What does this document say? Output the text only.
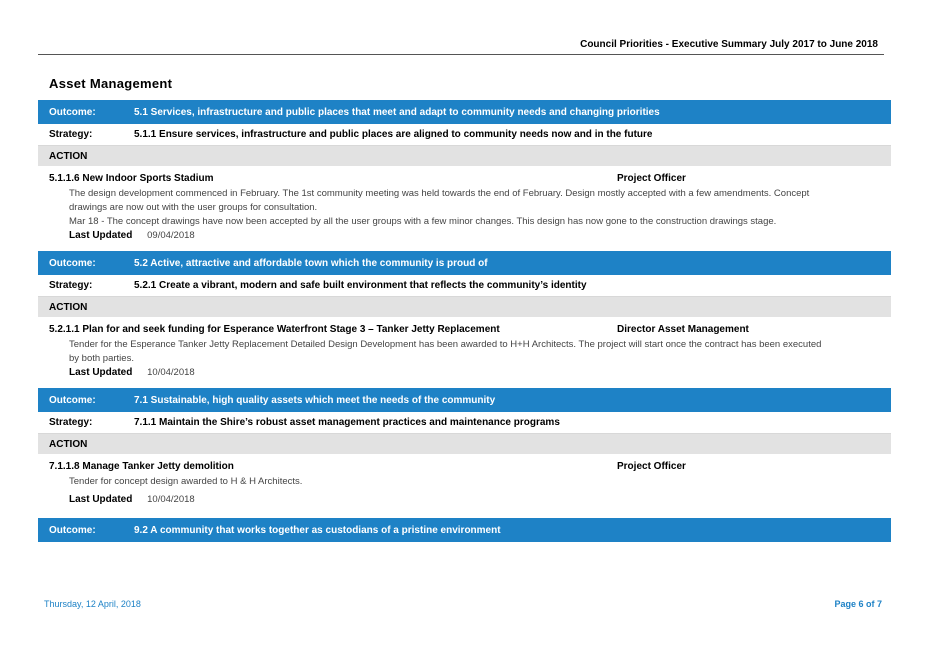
Council Priorities - Executive Summary July 2017 to June 2018
Asset Management
Outcome:	5.1 Services, infrastructure and public places that meet and adapt to community needs and changing priorities
Strategy:	5.1.1 Ensure services, infrastructure and public places are aligned to community needs now and in the future
ACTION
5.1.1.6 New Indoor Sports Stadium	Project Officer
The design development commenced in February. The 1st community meeting was held towards the end of February. Design mostly accepted with a few amendments. Concept drawings are now out with the user groups for consultation.
Mar 18 - The concept drawings have now been accepted by all the user groups with a few minor changes. This design has now gone to the construction drawings stage.
Last Updated 09/04/2018
Outcome:	5.2 Active, attractive and affordable town which the community is proud of
Strategy:	5.2.1 Create a vibrant, modern and safe built environment that reflects the community’s identity
ACTION
5.2.1.1 Plan for and seek funding for Esperance Waterfront Stage 3 – Tanker Jetty Replacement	Director Asset Management
Tender for the Esperance Tanker Jetty Replacement Detailed Design Development has been awarded to H+H Architects. The project will start once the contract has been executed by both parties.
Last Updated 10/04/2018
Outcome:	7.1 Sustainable, high quality assets which meet the needs of the community
Strategy:	7.1.1 Maintain the Shire’s robust asset management practices and maintenance programs
ACTION
7.1.1.8 Manage Tanker Jetty demolition	Project Officer
Tender for concept design awarded to H & H Architects.
Last Updated 10/04/2018
Outcome:	9.2 A community that works together as custodians of a pristine environment
Thursday, 12 April, 2018	Page 6 of 7
